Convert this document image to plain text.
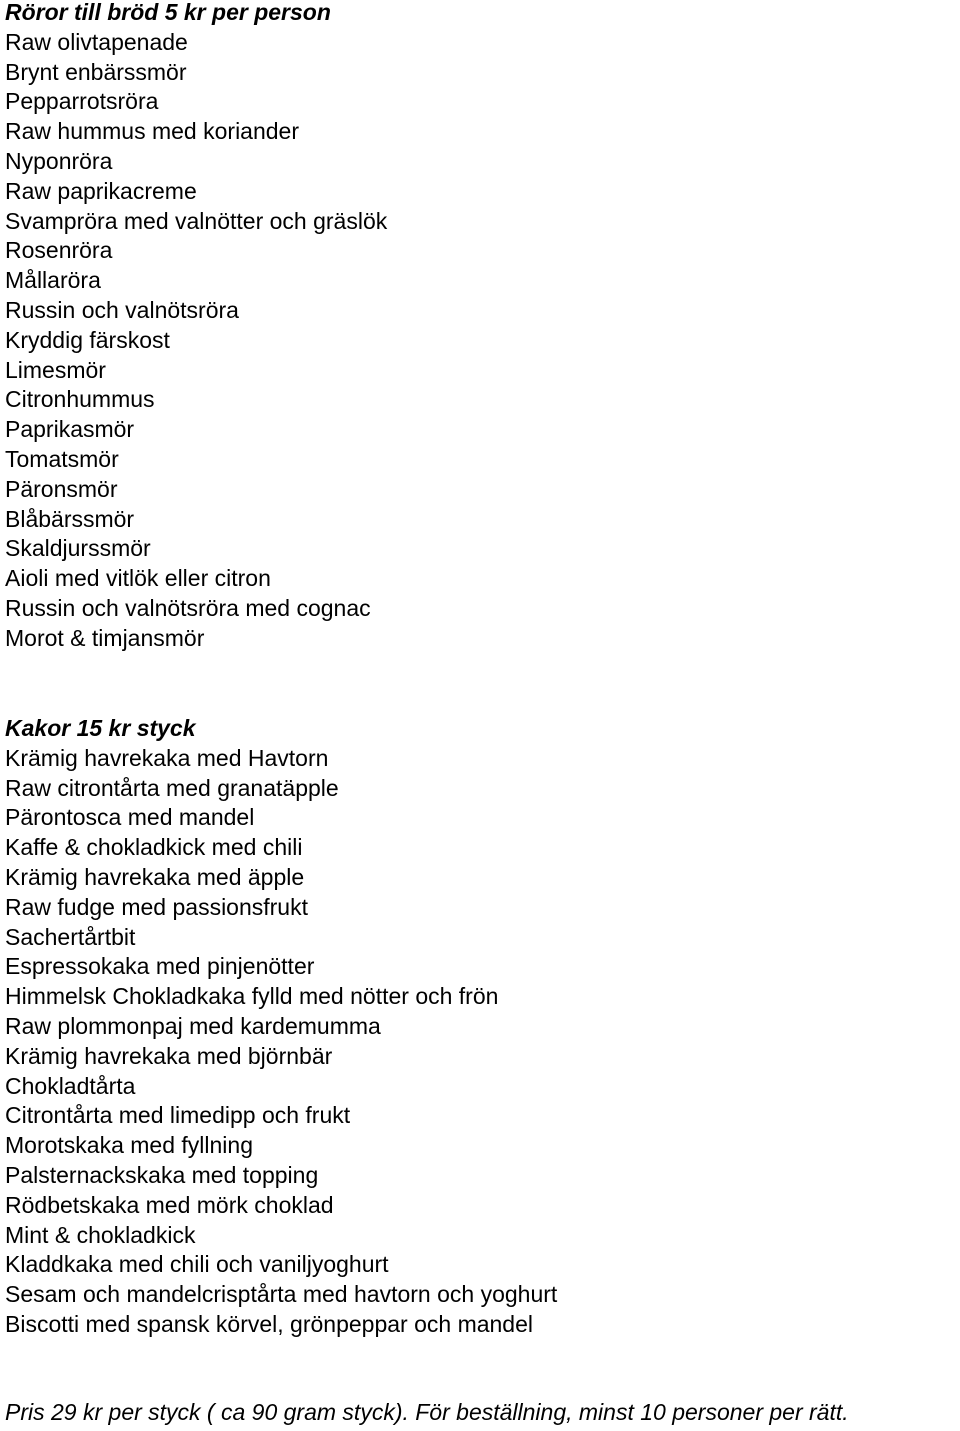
Röror till bröd 5 kr per person
Raw olivtapenade
Brynt enbärssmör
Pepparrotsröra
Raw hummus med koriander
Nyponröra
Raw paprikacreme
Svampröra med valnötter och gräslök
Rosenröra
Mållaröra
Russin och valnötsröra
Kryddig färskost
Limesmör
Citronhummus
Paprikasmör
Tomatsmör
Päronsmör
Blåbärssmör
Skaldjurssmör
Aioli med vitlök eller citron
Russin och valnötsröra med cognac
Morot & timjansmör
Kakor 15 kr styck
Krämig havrekaka med Havtorn
Raw citrontårta med granatäpple
Pärontosca med mandel
Kaffe & chokladkick med chili
Krämig havrekaka med äpple
Raw fudge med passionsfrukt
Sachertårtbit
Espressokaka med pinjenötter
Himmelsk Chokladkaka fylld med nötter och frön
Raw plommonpaj med kardemumma
Krämig havrekaka med björnbär
Chokladtårta
Citrontårta med limedipp och frukt
Morotskaka med fyllning
Palsternackskaka med topping
Rödbetskaka med mörk choklad
Mint & chokladkick
Kladdkaka med chili och vaniljyoghurt
Sesam och mandelcrisptårta med havtorn och yoghurt
Biscotti med spansk körvel, grönpeppar och mandel
Pris 29 kr per styck ( ca 90 gram styck). För beställning, minst 10 personer per rätt.
